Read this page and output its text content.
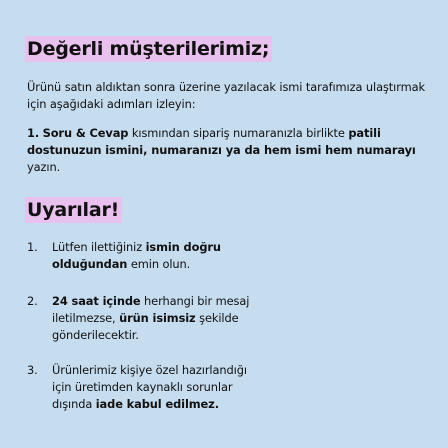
Değerli müşterilerimiz;
Ürünü satın aldıktan sonra üzerine yazılacak ismi tarafımıza ulaştırmak için aşağıdaki adımları izleyin:
1. Soru & Cevap kısmından sipariş numaranızla birlikte patili dostunuzun ismini, numaranızı ya da hem ismi hem numarayı yazın.
Uyarılar!
1. Lütfen ilettiğiniz ismin doğru olduğundan emin olun.
2. 24 saat içinde herhangi bir mesaj iletilmezse, ürün isimsiz şekilde gönderilecektir.
3. Ürünlerimiz kişiye özel hazırlandığı için üretimden kaynaklı sorunlar dışında iade kabul edilmez.
